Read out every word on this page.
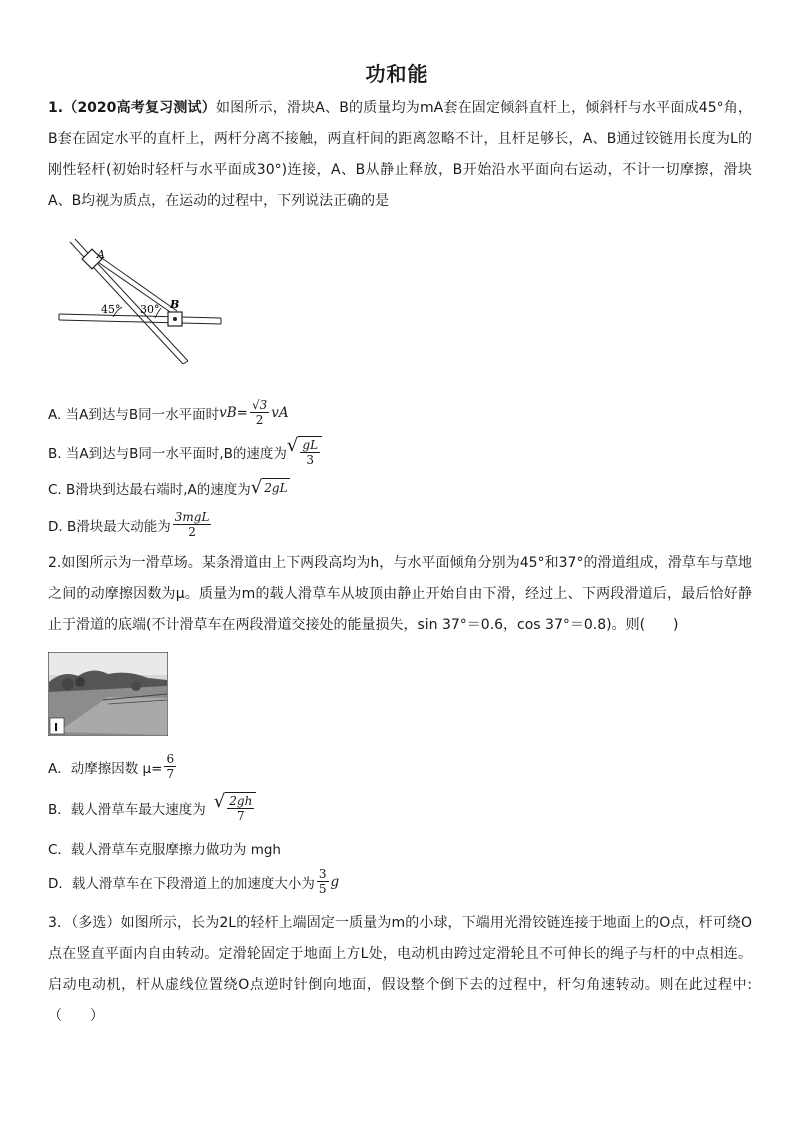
功和能
1.（2020高考复习测试）如图所示，滑块A、B的质量均为mA套在固定倾斜直杆上，倾斜杆与水平面成45°角，B套在固定水平的直杆上，两杆分离不接触，两直杆间的距离忽略不计，且杆足够长，A、B通过铰链用长度为L的刚性轻杆(初始时轻杆与水平面成30°)连接，A、B从静止释放，B开始沿水平面向右运动，不计一切摩擦，滑块A、B均视为质点，在运动的过程中，下列说法正确的是
A
B
45° 30°
A. 当A到达与B同一水平面时 vB = $\frac{√3}{2}$ vA
B. 当A到达与B同一水平面时,B的速度为 √ $\frac{gL}{3}$
C. B滑块到达最右端时,A的速度为 √ 2gL
D. B滑块最大动能为 $\frac{\text{3mgL}}{2}$
2.如图所示为一滑草场。某条滑道由上下两段高均为h，与水平面倾角分别为45°和37°的滑道组成，滑草车与草地之间的动摩擦因数为μ。质量为m的载人滑草车从坡顶由静止开始自由下滑，经过上、下两段滑道后，最后恰好静止于滑道的底端(不计滑草车在两段滑道交接处的能量损失，sin 37°＝0.6，cos 37°＝0.8)。则(　　)
I
A．动摩擦因数 $\mu= \frac{6}{7}$
B．载人滑草车最大速度为 √ $\frac{2gh}{7}$
C．载人滑草车克服摩擦力做功为 mgh
D．载人滑草车在下段滑道上的加速度大小为 $\frac{3}{5}$ g
3．（多选）如图所示，长为2L的轻杆上端固定一质量为m的小球，下端用光滑铰链连接于地面上的O点，杆可绕O点在竖直平面内自由转动。定滑轮固定于地面上方L处，电动机由跨过定滑轮且不可伸长的绳子与杆的中点相连。启动电动机，杆从虚线位置绕O点逆时针倒向地面，假设整个倒下去的过程中，杆匀角速转动。则在此过程中:（　　）
